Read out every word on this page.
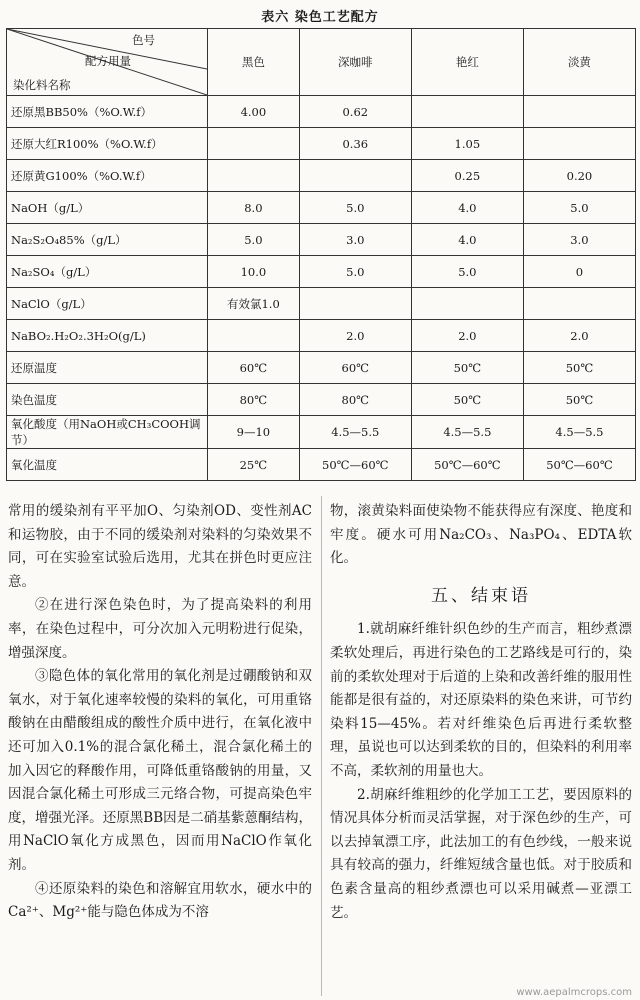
表六 染色工艺配方
色号
配方用量
染化料名称	黑色	深咖啡	艳红	淡黄
还原黑BB50%（%O.W.f）	4.00	0.62		
还原大红R100%（%O.W.f）		0.36	1.05	
还原黄G100%（%O.W.f）			0.25	0.20
NaOH（g/L）	8.0	5.0	4.0	5.0
Na₂S₂O₄85%（g/L）	5.0	3.0	4.0	3.0
Na₂SO₄（g/L）	10.0	5.0	5.0	0
NaClO（g/L）	有效氯1.0			
NaBO₂.H₂O₂.3H₂O(g/L)		2.0	2.0	2.0
还原温度	60℃	60℃	50℃	50℃
染色温度	80℃	80℃	50℃	50℃
氧化酸度（用NaOH或CH₃COOH调节）	9—10	4.5—5.5	4.5—5.5	4.5—5.5
氧化温度	25℃	50℃—60℃	50℃—60℃	50℃—60℃

常用的缓染剂有平平加O、匀染剂OD、变性剂AC和运物胶，由于不同的缓染剂对染料的匀染效果不同，可在实验室试验后选用，尤其在拼色时更应注意。

②在进行深色染色时，为了提高染料的利用率，在染色过程中，可分次加入元明粉进行促染，增强深度。

③隐色体的氧化常用的氧化剂是过硼酸钠和双氧水，对于氧化速率较慢的染料的氧化，可用重铬酸钠在由醋酸组成的酸性介质中进行，在氧化液中还可加入0.1%的混合氯化稀土，混合氯化稀土的加入因它的释酸作用，可降低重铬酸钠的用量，又因混合氯化稀土可形成三元络合物，可提高染色牢度，增强光泽。还原黑BB因是二硝基紫蒽酮结构，用NaClO氧化方成黑色，因而用NaClO作氧化剂。

④还原染料的染色和溶解宜用软水，硬水中的Ca²⁺、Mg²⁺能与隐色体成为不溶

物，滚黄染料面使染物不能获得应有深度、艳度和牢度。硬水可用Na₂CO₃、Na₃PO₄、EDTA软化。

五、结束语

1.就胡麻纤维针织色纱的生产而言，粗纱煮漂柔软处理后，再进行染色的工艺路线是可行的，染前的柔软处理对于后道的上染和改善纤维的服用性能都是很有益的，对还原染料的染色来讲，可节约染料15—45%。若对纤维染色后再进行柔软整理，虽说也可以达到柔软的目的，但染料的利用率不高，柔软剂的用量也大。

2.胡麻纤维粗纱的化学加工工艺，要因原料的情况具体分析而灵活掌握，对于深色纱的生产，可以去掉氧漂工序，此法加工的有色纱线，一般来说具有较高的强力，纤维短绒含量也低。对于胶质和色素含量高的粗纱煮漂也可以采用碱煮—亚漂工艺。

www.aepalmcrops.com
